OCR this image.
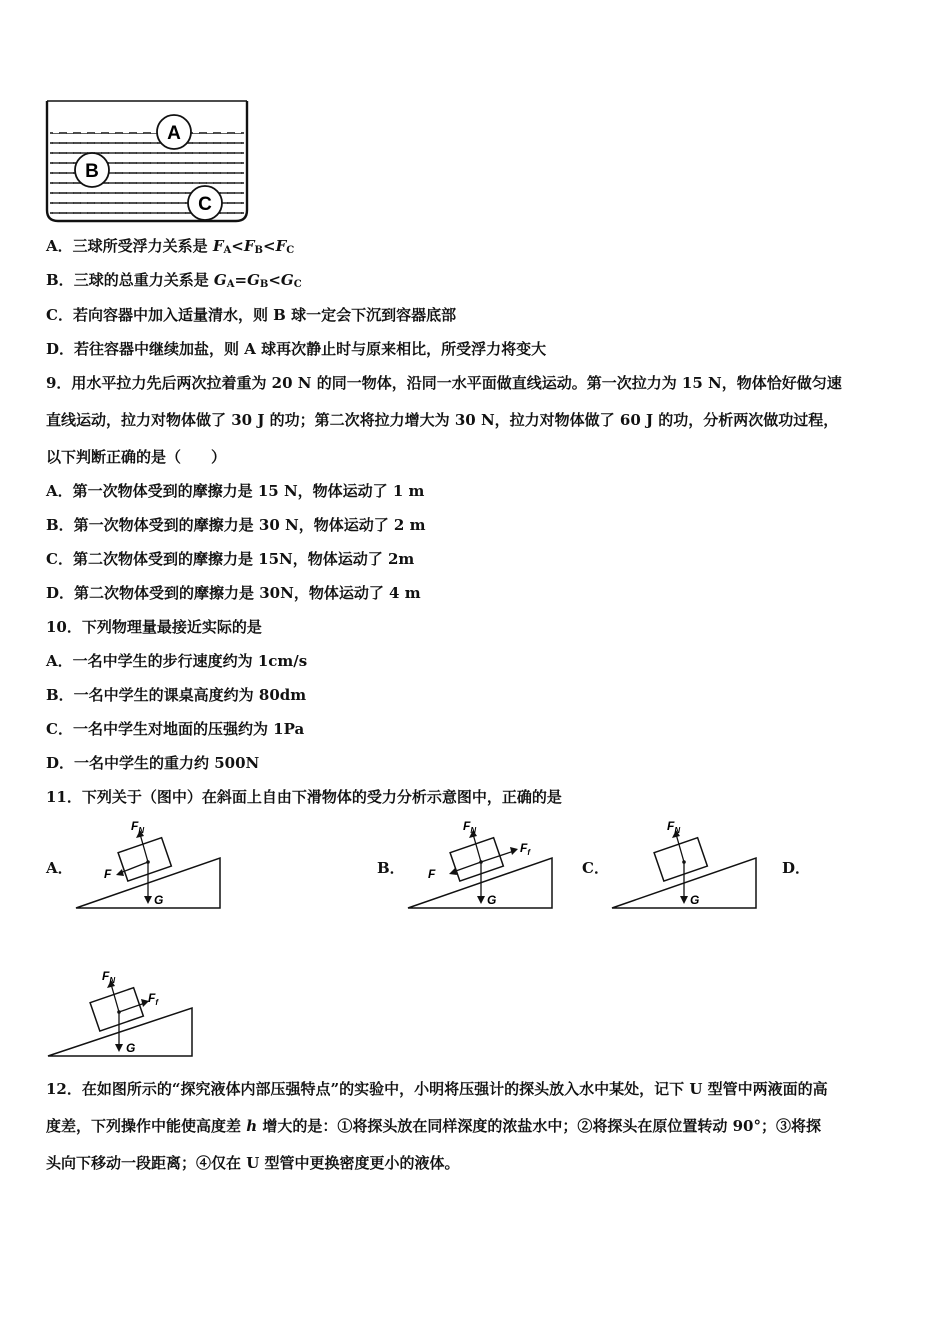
A
B
C
A．三球所受浮力关系是 $F_A<F_B<F_C$
B．三球的总重力关系是 $G_A=G_B<G_C$
C．若向容器中加入适量清水，则 B 球一定会下沉到容器底部
D．若往容器中继续加盐，则 A 球再次静止时与原来相比，所受浮力将变大
9．用水平拉力先后两次拉着重为 20 N 的同一物体，沿同一水平面做直线运动。第一次拉力为 15 N，物体恰好做匀速
直线运动，拉力对物体做了 30 J 的功；第二次将拉力增大为 30 N，拉力对物体做了 60 J 的功，分析两次做功过程，
以下判断正确的是（　　）
A．第一次物体受到的摩擦力是 15 N，物体运动了 1 m
B．第一次物体受到的摩擦力是 30 N，物体运动了 2 m
C．第二次物体受到的摩擦力是 15N，物体运动了 2m
D．第二次物体受到的摩擦力是 30N，物体运动了 4 m
10．下列物理量最接近实际的是
A．一名中学生的步行速度约为 1cm/s
B．一名中学生的课桌高度约为 80dm
C．一名中学生对地面的压强约为 1Pa
D．一名中学生的重力约 500N
11．下列关于（图中）在斜面上自由下滑物体的受力分析示意图中，正确的是
A．	B．	C．	D．
$F_N$
F
G
$F_N$
$F_f$
F
G
$F_N$
G
$F_N$
$F_f$
G
12．在如图所示的“探究液体内部压强特点”的实验中，小明将压强计的探头放入水中某处，记下 U 型管中两液面的高
度差，下列操作中能使高度差 h 增大的是：①将探头放在同样深度的浓盐水中；②将探头在原位置转动 90°；③将探
头向下移动一段距离；④仅在 U 型管中更换密度更小的液体。
